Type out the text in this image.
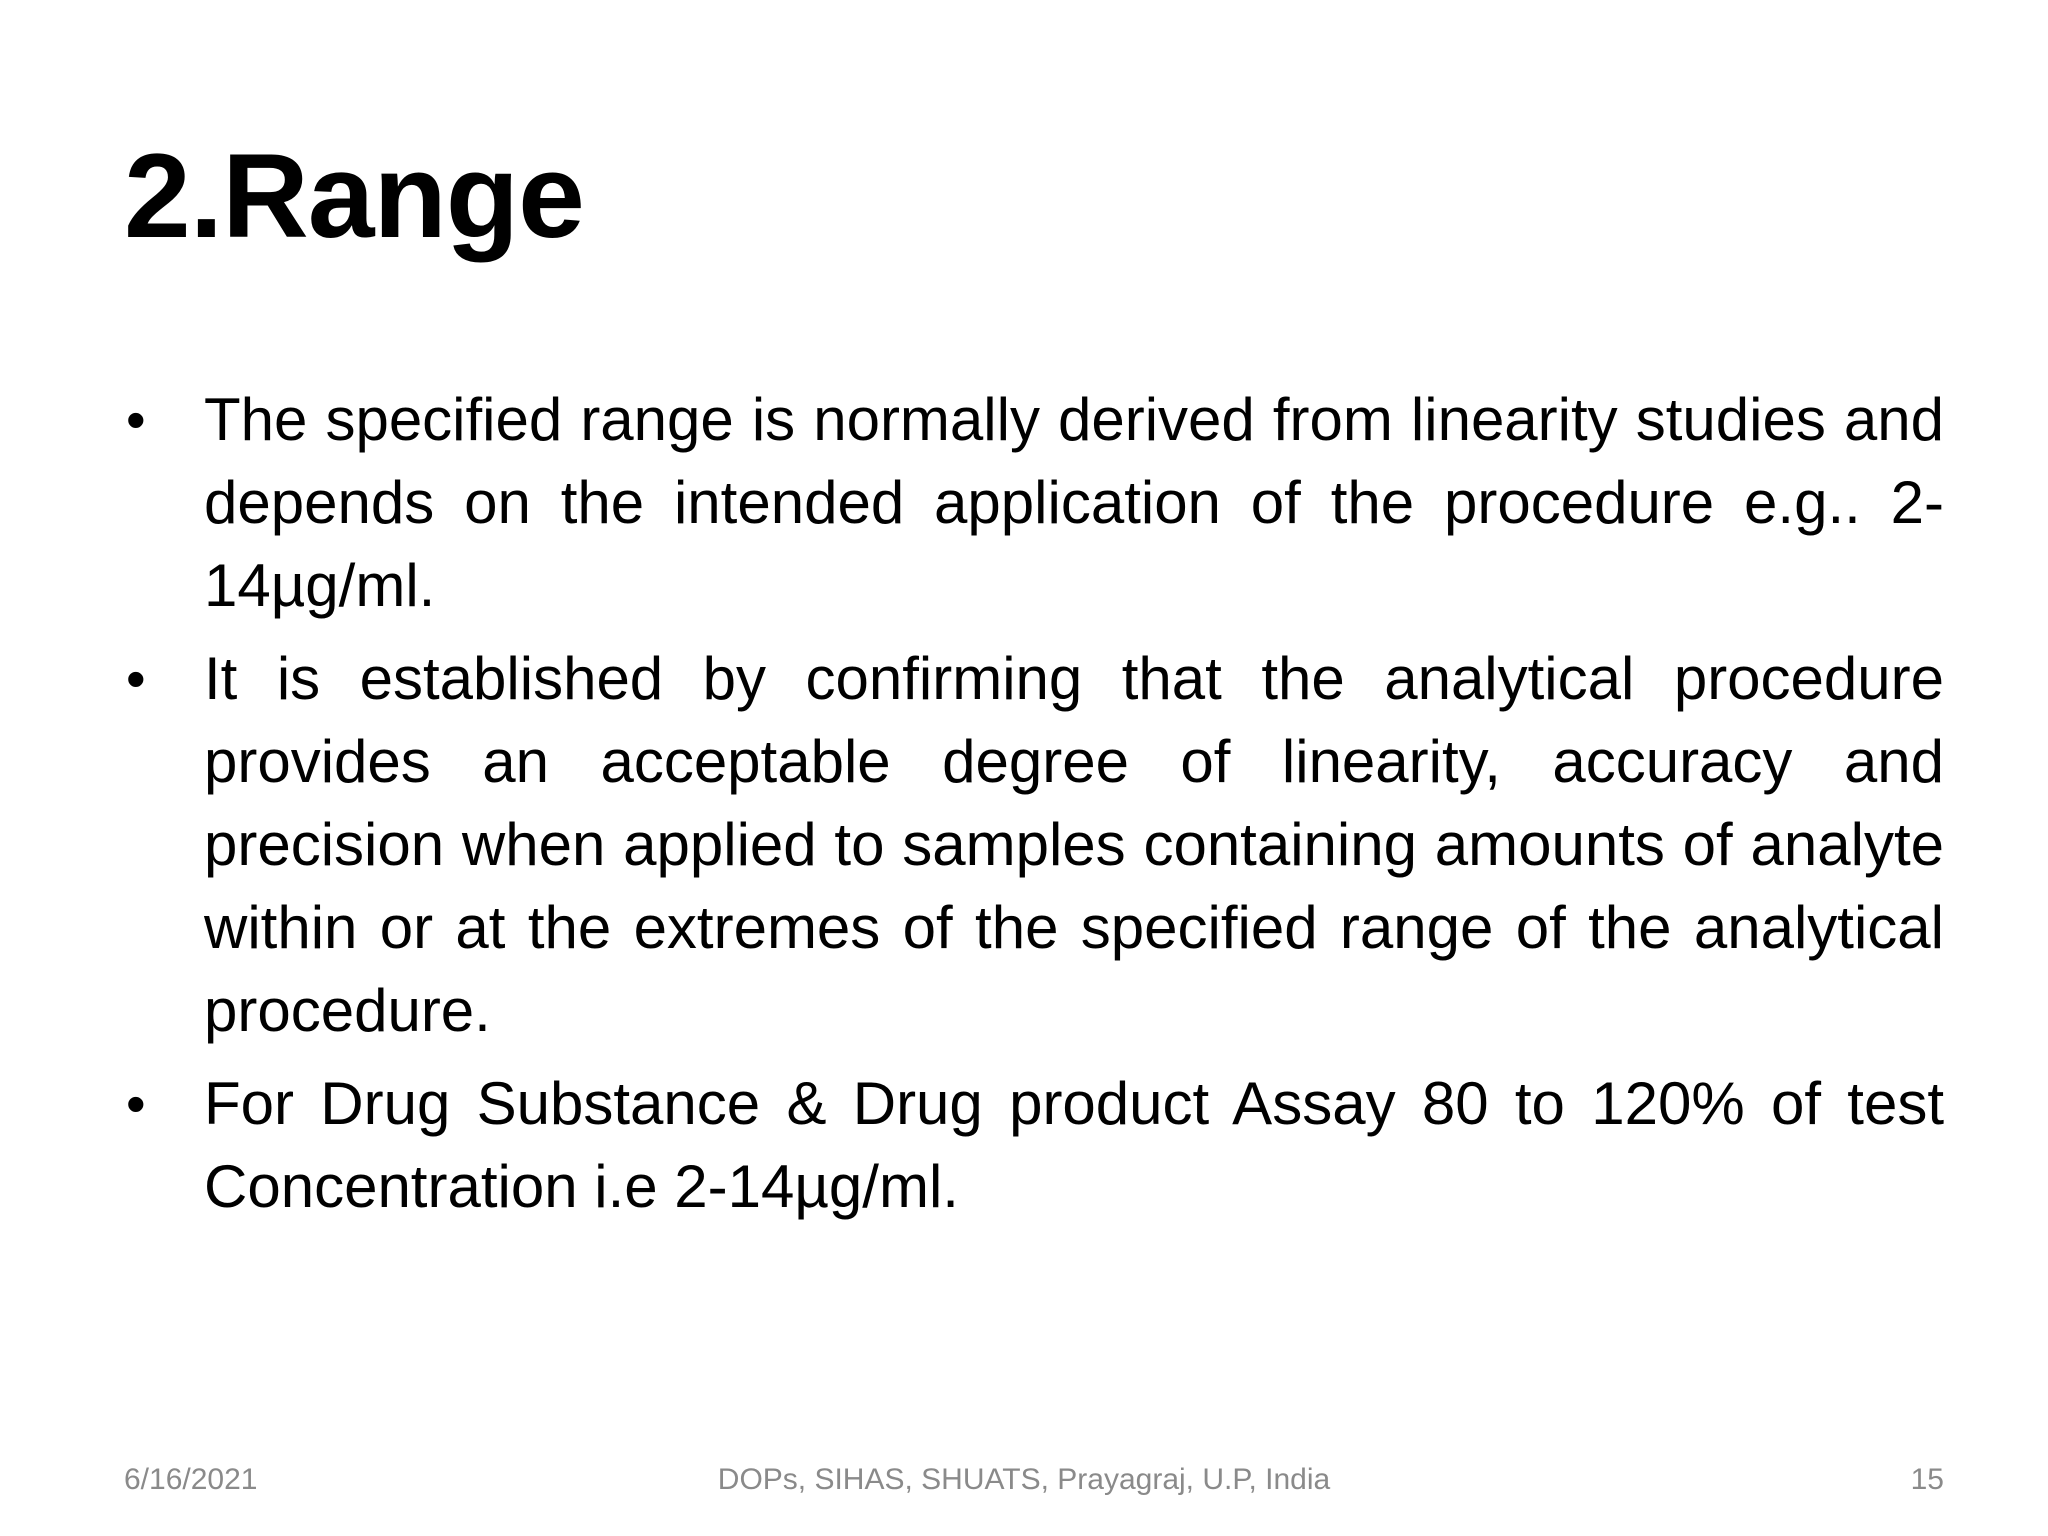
2.Range
• The specified range is normally derived from linearity studies and depends on the intended application of the procedure e.g.. 2-14µg/ml.
• It is established by confirming that the analytical procedure provides an acceptable degree of linearity, accuracy and precision when applied to samples containing amounts of analyte within or at the extremes of the specified range of the analytical procedure.
• For Drug Substance & Drug product Assay 80 to 120% of test Concentration i.e 2-14µg/ml.
DOPs, SIHAS, SHUATS, Prayagraj, U.P, India
6/16/2021	15
